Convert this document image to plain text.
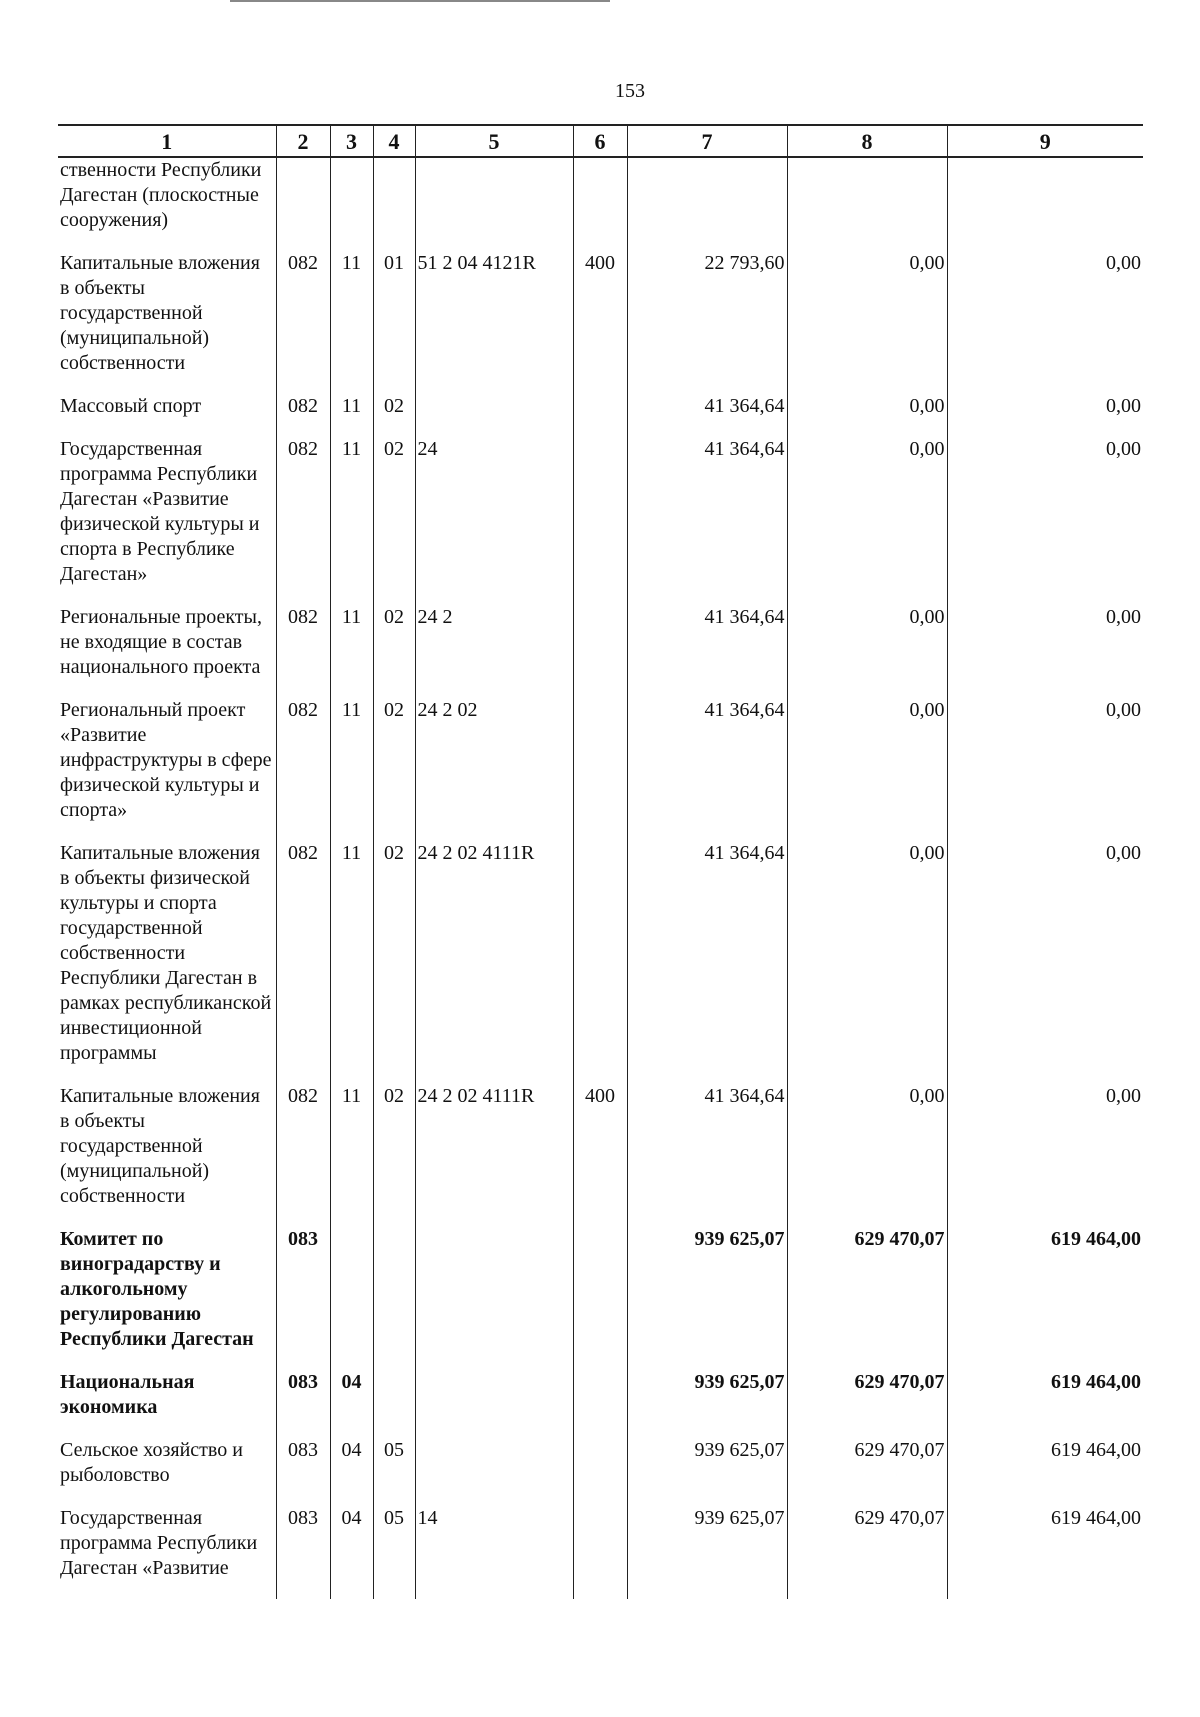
153
1	2	3	4	5	6	7	8	9
ственности Республики Дагестан (плоскостные сооружения)								
Капитальные вложения в объекты государственной (муниципальной) собственности	082	11	01	51 2 04 4121R	400	22 793,60	0,00	0,00
Массовый спорт	082	11	02			41 364,64	0,00	0,00
Государственная программа Республики Дагестан «Развитие физической культуры и спорта в Республике Дагестан»	082	11	02	24		41 364,64	0,00	0,00
Региональные проекты, не входящие в состав национального проекта	082	11	02	24 2		41 364,64	0,00	0,00
Региональный проект «Развитие инфраструктуры в сфере физической культуры и спорта»	082	11	02	24 2 02		41 364,64	0,00	0,00
Капитальные вложения в объекты физической культуры и спорта государственной собственности Республики Дагестан в рамках республиканской инвестиционной программы	082	11	02	24 2 02 4111R		41 364,64	0,00	0,00
Капитальные вложения в объекты государственной (муниципальной) собственности	082	11	02	24 2 02 4111R	400	41 364,64	0,00	0,00
Комитет по виноградарству и алкогольному регулированию Республики Дагестан	083					939 625,07	629 470,07	619 464,00
Национальная экономика	083	04				939 625,07	629 470,07	619 464,00
Сельское хозяйство и рыболовство	083	04	05			939 625,07	629 470,07	619 464,00
Государственная программа Республики Дагестан «Развитие	083	04	05	14		939 625,07	629 470,07	619 464,00
